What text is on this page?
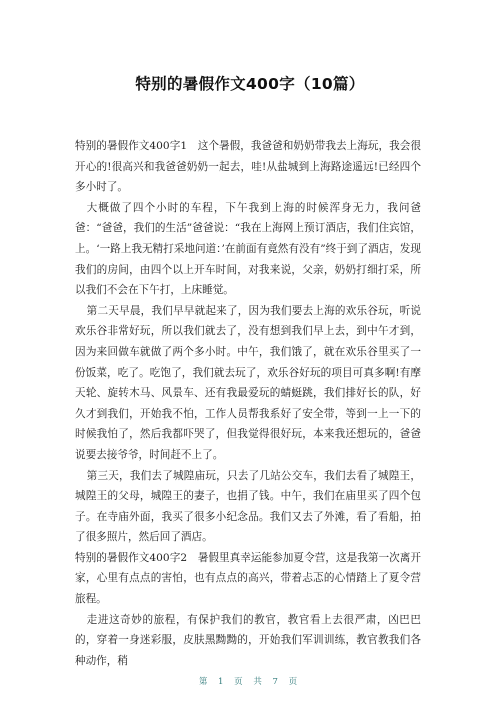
特别的暑假作文400字（10篇）

特别的暑假作文400字1　这个暑假，我爸爸和奶奶带我去上海玩，我会很开心的!很高兴和我爸爸奶奶一起去，哇!从盐城到上海路途遥远!已经四个多小时了。

大概做了四个小时的车程，下午我到上海的时候浑身无力，我问爸爸：“爸爸，我们的生活”爸爸说：“我在上海网上预订酒店，我们住宾馆，上。‘一路上我无精打采地问道：’在前面有竟然有没有”终于到了酒店，发现我们的房间，由四个以上开车时间，对我来说，父亲，奶奶打细打采，所以我们不会在下午打，上床睡觉。

第二天早晨，我们早早就起来了，因为我们要去上海的欢乐谷玩，听说欢乐谷非常好玩，所以我们就去了，没有想到我们早上去，到中午才到，因为来回做车就做了两个多小时。中午，我们饿了，就在欢乐谷里买了一份饭菜，吃了。吃饱了，我们就去玩了，欢乐谷好玩的项目可真多啊!有摩天轮、旋转木马、风景车、还有我最爱玩的蜻蜓跳，我们排好长的队，好久才到我们，开始我不怕，工作人员帮我系好了安全带，等到一上一下的时候我怕了，然后我都吓哭了，但我觉得很好玩，本来我还想玩的，爸爸说要去接爷爷，时间赶不上了。

第三天，我们去了城隍庙玩，只去了几站公交车，我们去看了城隍王，城隍王的父母，城隍王的妻子，也捐了钱。中午，我们在庙里买了四个包子。在寺庙外面，我买了很多小纪念品。我们又去了外滩，看了看船，拍了很多照片，然后回了酒店。

特别的暑假作文400字2　暑假里真幸运能参加夏令营，这是我第一次离开家，心里有点点的害怕，也有点点的高兴，带着忐忑的心情踏上了夏令营旅程。

走进这奇妙的旅程，有保护我们的教官，教官看上去很严肃，凶巴巴的，穿着一身迷彩服，皮肤黑黝黝的，开始我们军训训练，教官教我们各种动作，稍

第 1 页 共 7 页
